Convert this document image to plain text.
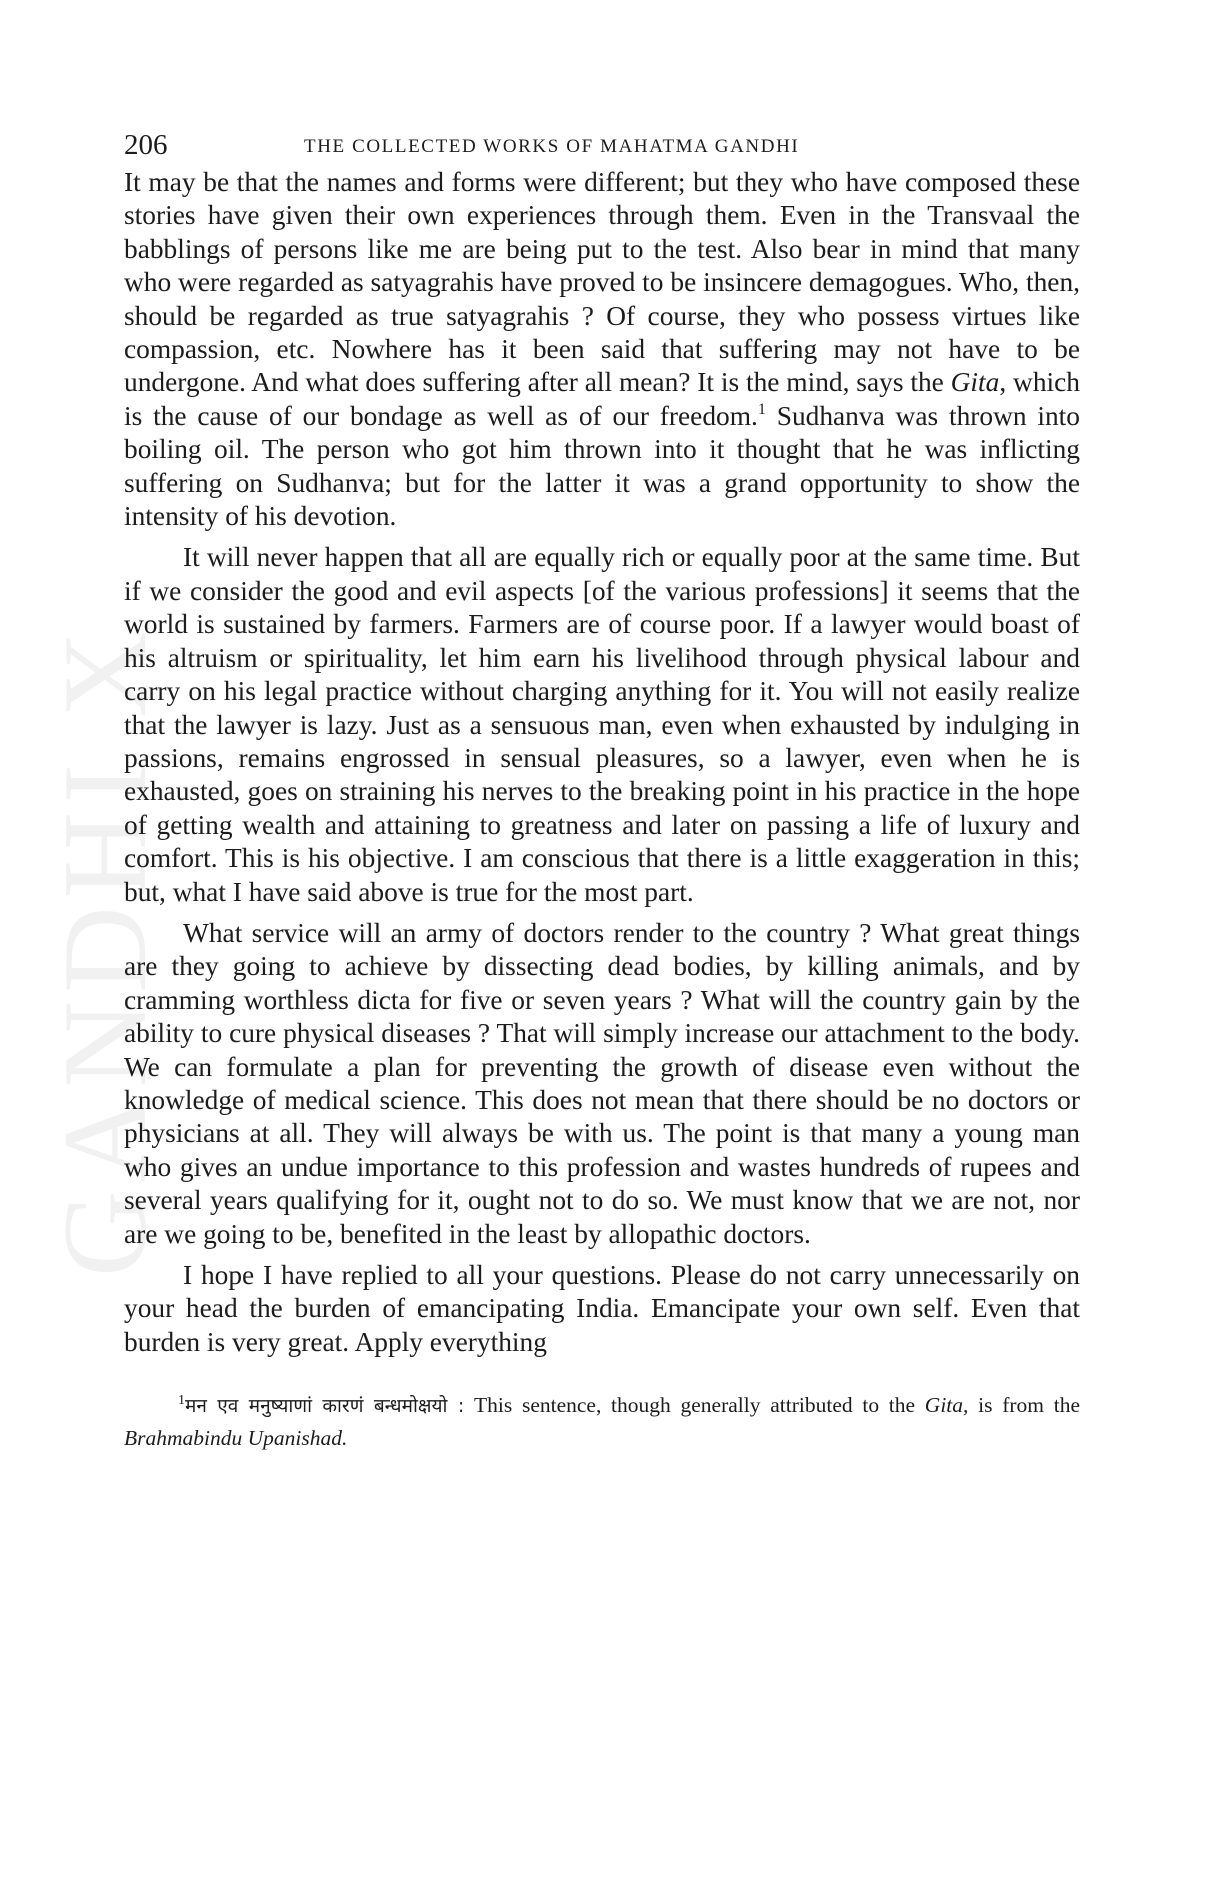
GANDHI X
206	THE COLLECTED WORKS OF MAHATMA GANDHI

It may be that the names and forms were different; but they who have composed these stories have given their own experiences through them. Even in the Transvaal the babblings of persons like me are being put to the test. Also bear in mind that many who were regarded as satyagrahis have proved to be insincere demagogues. Who, then, should be regarded as true satyagrahis ? Of course, they who possess virtues like compassion, etc. Nowhere has it been said that suffering may not have to be undergone. And what does suffering after all mean? It is the mind, says the Gita, which is the cause of our bondage as well as of our freedom.$^1$ Sudhanva was thrown into boiling oil. The person who got him thrown into it thought that he was inflicting suffering on Sudhanva; but for the latter it was a grand opportunity to show the intensity of his devotion.

It will never happen that all are equally rich or equally poor at the same time. But if we consider the good and evil aspects [of the various professions] it seems that the world is sustained by farmers. Farmers are of course poor. If a lawyer would boast of his altruism or spirituality, let him earn his livelihood through physical labour and carry on his legal practice without charging anything for it. You will not easily realize that the lawyer is lazy. Just as a sensuous man, even when exhausted by indulging in passions, remains engrossed in sensual pleasures, so a lawyer, even when he is exhausted, goes on straining his nerves to the breaking point in his practice in the hope of getting wealth and attaining to greatness and later on passing a life of luxury and comfort. This is his objective. I am conscious that there is a little exaggeration in this; but, what I have said above is true for the most part.

What service will an army of doctors render to the country ? What great things are they going to achieve by dissecting dead bodies, by killing animals, and by cramming worthless dicta for five or seven years ? What will the country gain by the ability to cure physical diseases ? That will simply increase our attachment to the body. We can formulate a plan for preventing the growth of disease even without the knowledge of medical science. This does not mean that there should be no doctors or physicians at all. They will always be with us. The point is that many a young man who gives an undue importance to this profession and wastes hundreds of rupees and several years qualifying for it, ought not to do so. We must know that we are not, nor are we going to be, benefited in the least by allopathic doctors.

I hope I have replied to all your questions. Please do not carry unnecessarily on your head the burden of emancipating India. Emancipate your own self. Even that burden is very great. Apply everything

$^1$मन एव मनुष्याणां कारणं बन्धमोक्षयो : This sentence, though generally attributed to the Gita, is from the Brahmabindu Upanishad.
